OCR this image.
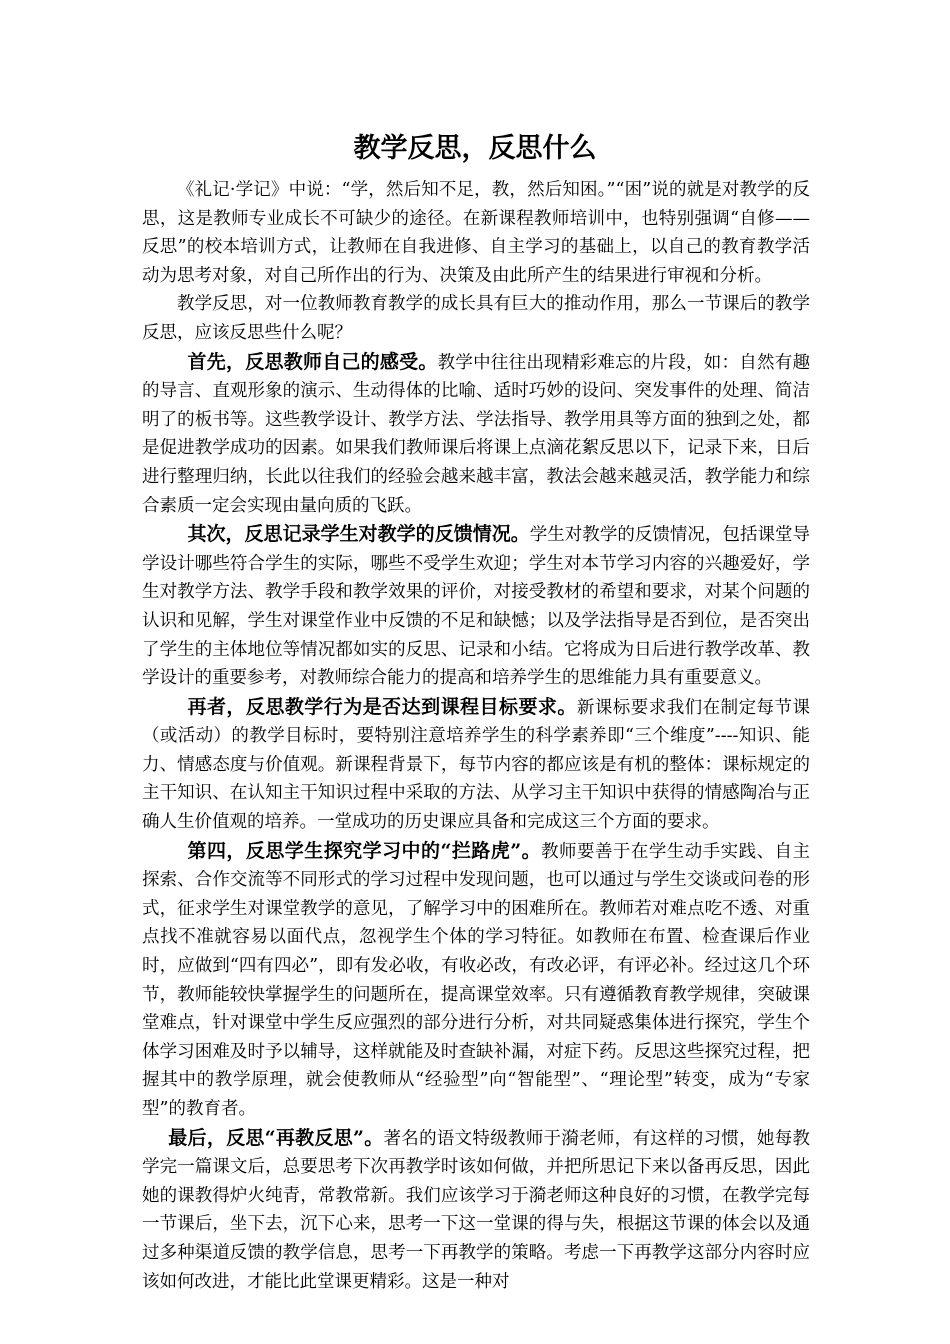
教学反思，反思什么

《礼记·学记》中说：“学，然后知不足，教，然后知困。”“困”说的就是对教学的反思，这是教师专业成长不可缺少的途径。在新课程教师培训中，也特别强调“自修——反思”的校本培训方式，让教师在自我进修、自主学习的基础上，以自己的教育教学活动为思考对象，对自己所作出的行为、决策及由此所产生的结果进行审视和分析。

教学反思，对一位教师教育教学的成长具有巨大的推动作用，那么一节课后的教学反思，应该反思些什么呢？

首先，反思教师自己的感受。教学中往往出现精彩难忘的片段，如：自然有趣的导言、直观形象的演示、生动得体的比喻、适时巧妙的设问、突发事件的处理、简洁明了的板书等。这些教学设计、教学方法、学法指导、教学用具等方面的独到之处，都是促进教学成功的因素。如果我们教师课后将课上点滴花絮反思以下，记录下来，日后进行整理归纳，长此以往我们的经验会越来越丰富，教法会越来越灵活，教学能力和综合素质一定会实现由量向质的飞跃。

其次，反思记录学生对教学的反馈情况。学生对教学的反馈情况，包括课堂导学设计哪些符合学生的实际，哪些不受学生欢迎；学生对本节学习内容的兴趣爱好，学生对教学方法、教学手段和教学效果的评价，对接受教材的希望和要求，对某个问题的认识和见解，学生对课堂作业中反馈的不足和缺憾；以及学法指导是否到位，是否突出了学生的主体地位等情况都如实的反思、记录和小结。它将成为日后进行教学改革、教学设计的重要参考，对教师综合能力的提高和培养学生的思维能力具有重要意义。

再者，反思教学行为是否达到课程目标要求。新课标要求我们在制定每节课（或活动）的教学目标时，要特别注意培养学生的科学素养即“三个维度”----知识、能力、情感态度与价值观。新课程背景下，每节内容的都应该是有机的整体：课标规定的主干知识、在认知主干知识过程中采取的方法、从学习主干知识中获得的情感陶冶与正确人生价值观的培养。一堂成功的历史课应具备和完成这三个方面的要求。

第四，反思学生探究学习中的“拦路虎”。教师要善于在学生动手实践、自主探索、合作交流等不同形式的学习过程中发现问题，也可以通过与学生交谈或问卷的形式，征求学生对课堂教学的意见，了解学习中的困难所在。教师若对难点吃不透、对重点找不准就容易以面代点，忽视学生个体的学习特征。如教师在布置、检查课后作业时，应做到“四有四必”，即有发必收，有收必改，有改必评，有评必补。经过这几个环节，教师能较快掌握学生的问题所在，提高课堂效率。只有遵循教育教学规律，突破课堂难点，针对课堂中学生反应强烈的部分进行分析，对共同疑惑集体进行探究，学生个体学习困难及时予以辅导，这样就能及时查缺补漏，对症下药。反思这些探究过程，把握其中的教学原理，就会使教师从“经验型”向“智能型”、“理论型”转变，成为“专家型”的教育者。

最后，反思“再教反思”。著名的语文特级教师于漪老师，有这样的习惯，她每教学完一篇课文后，总要思考下次再教学时该如何做，并把所思记下来以备再反思，因此她的课教得炉火纯青，常教常新。我们应该学习于漪老师这种良好的习惯，在教学完每一节课后，坐下去，沉下心来，思考一下这一堂课的得与失，根据这节课的体会以及通过多种渠道反馈的教学信息，思考一下再教学的策略。考虑一下再教学这部分内容时应该如何改进，才能比此堂课更精彩。这是一种对
